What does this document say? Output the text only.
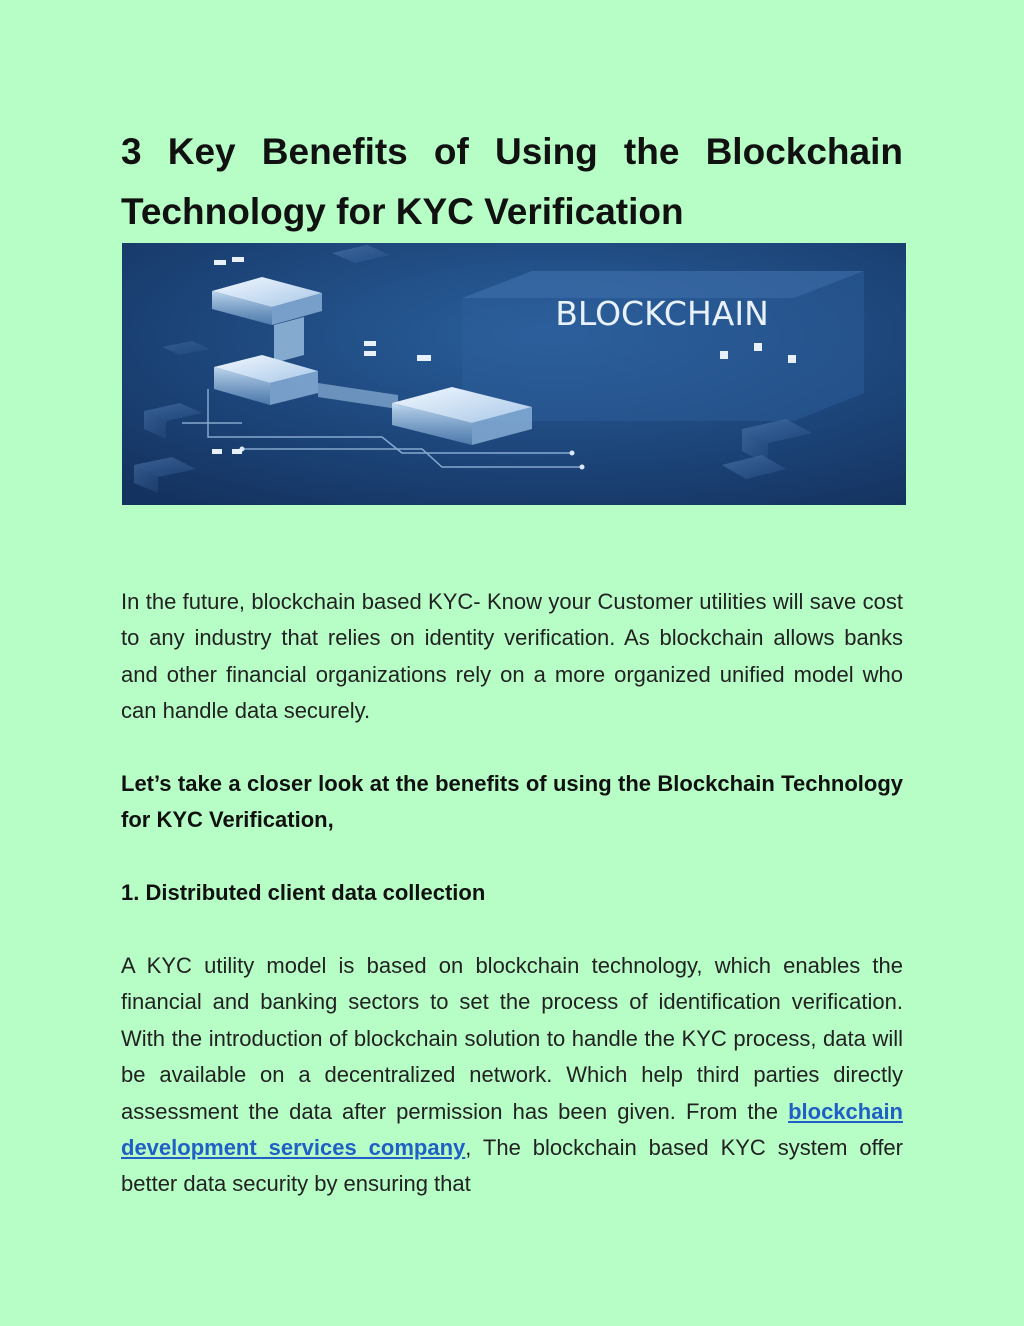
3 Key Benefits of Using the Blockchain Technology for KYC Verification
BLOCKCHAIN

In the future, blockchain based KYC- Know your Customer utilities will save cost to any industry that relies on identity verification. As blockchain allows banks and other financial organizations rely on a more organized unified model who can handle data securely.

Let’s take a closer look at the benefits of using the Blockchain Technology for KYC Verification,

1. Distributed client data collection

A KYC utility model is based on blockchain technology, which enables the financial and banking sectors to set the process of identification verification. With the introduction of blockchain solution to handle the KYC process, data will be available on a decentralized network. Which help third parties directly assessment the data after permission has been given. From the blockchain development services company, The blockchain based KYC system offer better data security by ensuring that
